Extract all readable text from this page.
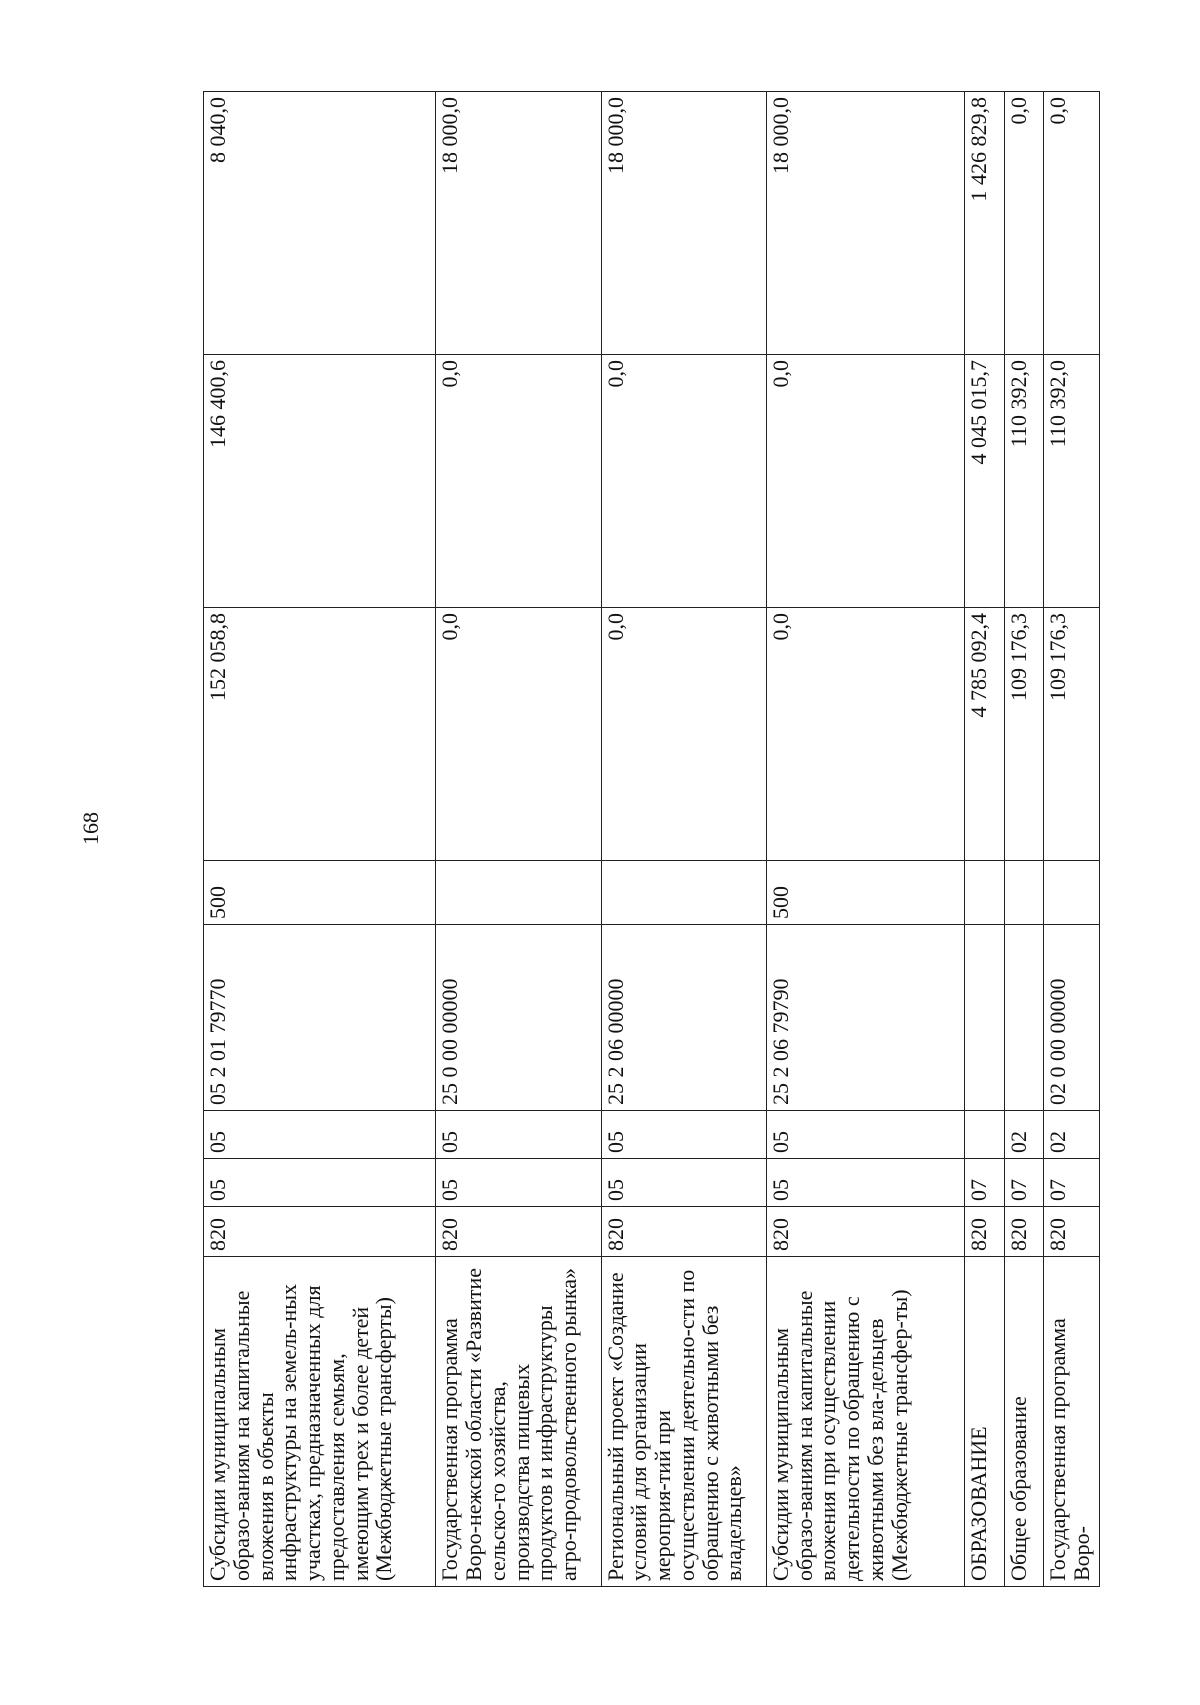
168
Субсидии муниципальным образо-ваниям на капитальные вложения в объекты инфраструктуры на земель-ных участках, предназначенных для предоставления семьям, имеющим трех и более детей (Межбюджетные трансферты)	820	05	05	05 2 01 79770	500	152 058,8	146 400,6	8 040,0
Государственная программа Воро-нежской области «Развитие сельско-го хозяйства, производства пищевых продуктов и инфраструктуры агро-продовольственного рынка»	820	05	05	25 0 00 00000		0,0	0,0	18 000,0
Региональный проект «Создание условий для организации мероприя-тий при осуществлении деятельно-сти по обращению с животными без владельцев»	820	05	05	25 2 06 00000		0,0	0,0	18 000,0
Субсидии муниципальным образо-ваниям на капитальные вложения при осуществлении деятельности по обращению с животными без вла-дельцев (Межбюджетные трансфер-ты)	820	05	05	25 2 06 79790	500	0,0	0,0	18 000,0
ОБРАЗОВАНИЕ	820	07				4 785 092,4	4 045 015,7	1 426 829,8
Общее образование	820	07	02			109 176,3	110 392,0	0,0
Государственная программа Воро-	820	07	02	02 0 00 00000		109 176,3	110 392,0	0,0
